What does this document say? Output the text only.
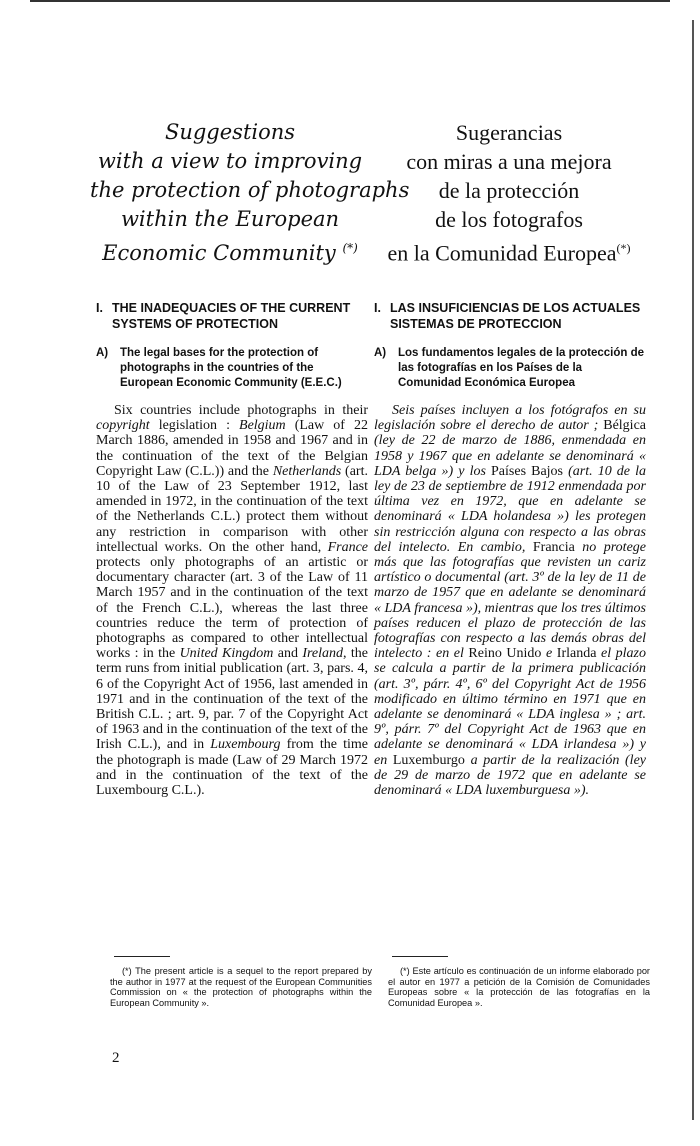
Suggestions
with a view to improving
the protection of photographs
within the European
Economic Community (*)
Sugerancias
con miras a una mejora
de la protección
de los fotografos
en la Comunidad Europea(*)
I. THE INADEQUACIES OF THE CURRENT SYSTEMS OF PROTECTION
A)	The legal bases for the protection of photographs in the countries of the European Economic Community (E.E.C.)

Six countries include photographs in their copyright legislation : Belgium (Law of 22 March 1886, amended in 1958 and 1967 and in the continuation of the text of the Belgian Copyright Law (C.L.)) and the Netherlands (art. 10 of the Law of 23 September 1912, last amended in 1972, in the continuation of the text of the Netherlands C.L.) protect them without any restriction in comparison with other intellectual works. On the other hand, France protects only photographs of an artistic or documentary character (art. 3 of the Law of 11 March 1957 and in the continuation of the text of the French C.L.), whereas the last three countries reduce the term of protection of photographs as compared to other intellectual works : in the United Kingdom and Ireland, the term runs from initial publication (art. 3, pars. 4, 6 of the Copyright Act of 1956, last amended in 1971 and in the continuation of the text of the British C.L. ; art. 9, par. 7 of the Copyright Act of 1963 and in the continuation of the text of the Irish C.L.), and in Luxembourg from the time the photograph is made (Law of 29 March 1972 and in the continuation of the text of the Luxembourg C.L.).

I. LAS INSUFICIENCIAS DE LOS ACTUALES SISTEMAS DE PROTECCION
A)	Los fundamentos legales de la protección de las fotografías en los Países de la Comunidad Económica Europea

Seis países incluyen a los fotógrafos en su legislación sobre el derecho de autor ; Bélgica (ley de 22 de marzo de 1886, enmendada en 1958 y 1967 que en adelante se denominará « LDA belga ») y los Países Bajos (art. 10 de la ley de 23 de septiembre de 1912 enmendada por última vez en 1972, que en adelante se denominará « LDA holandesa ») les protegen sin restricción alguna con respecto a las obras del intelecto. En cambio, Francia no protege más que las fotografías que revisten un cariz artístico o documental (art. 3º de la ley de 11 de marzo de 1957 que en adelante se denominará « LDA francesa »), mientras que los tres últimos países reducen el plazo de protección de las fotografías con respecto a las demás obras del intelecto : en el Reino Unido e Irlanda el plazo se calcula a partir de la primera publicación (art. 3º, párr. 4º, 6º del Copyright Act de 1956 modificado en último término en 1971 que en adelante se denominará « LDA inglesa » ; art. 9º, párr. 7º del Copyright Act de 1963 que en adelante se denominará « LDA irlandesa ») y en Luxemburgo a partir de la realización (ley de 29 de marzo de 1972 que en adelante se denominará « LDA luxemburguesa »).

(*) The present article is a sequel to the report prepared by the author in 1977 at the request of the European Communities Commission on « the protection of photographs within the European Community ».
(*) Este artículo es continuación de un informe elaborado por el autor en 1977 a petición de la Comisión de Comunidades Europeas sobre « la protección de las fotografías en la Comunidad Europea ».
2
